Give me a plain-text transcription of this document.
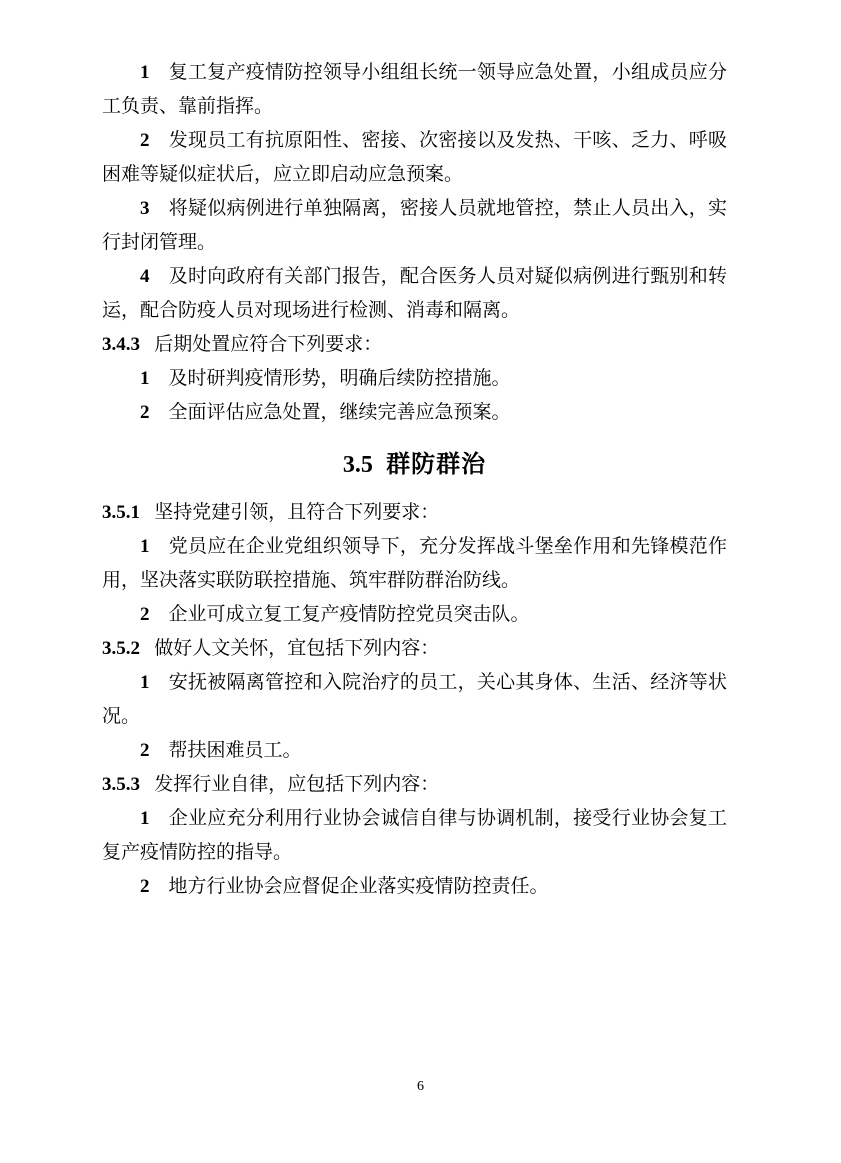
1 复工复产疫情防控领导小组组长统一领导应急处置，小组成员应分工负责、靠前指挥。

2 发现员工有抗原阳性、密接、次密接以及发热、干咳、乏力、呼吸困难等疑似症状后，应立即启动应急预案。

3 将疑似病例进行单独隔离，密接人员就地管控，禁止人员出入，实行封闭管理。

4 及时向政府有关部门报告，配合医务人员对疑似病例进行甄别和转运，配合防疫人员对现场进行检测、消毒和隔离。

3.4.3 后期处置应符合下列要求：

1 及时研判疫情形势，明确后续防控措施。

2 全面评估应急处置，继续完善应急预案。

3.5 群防群治

3.5.1 坚持党建引领，且符合下列要求：

1 党员应在企业党组织领导下，充分发挥战斗堡垒作用和先锋模范作用，坚决落实联防联控措施、筑牢群防群治防线。

2 企业可成立复工复产疫情防控党员突击队。

3.5.2 做好人文关怀，宜包括下列内容：

1 安抚被隔离管控和入院治疗的员工，关心其身体、生活、经济等状况。

2 帮扶困难员工。

3.5.3 发挥行业自律，应包括下列内容：

1 企业应充分利用行业协会诚信自律与协调机制，接受行业协会复工复产疫情防控的指导。

2 地方行业协会应督促企业落实疫情防控责任。

6
